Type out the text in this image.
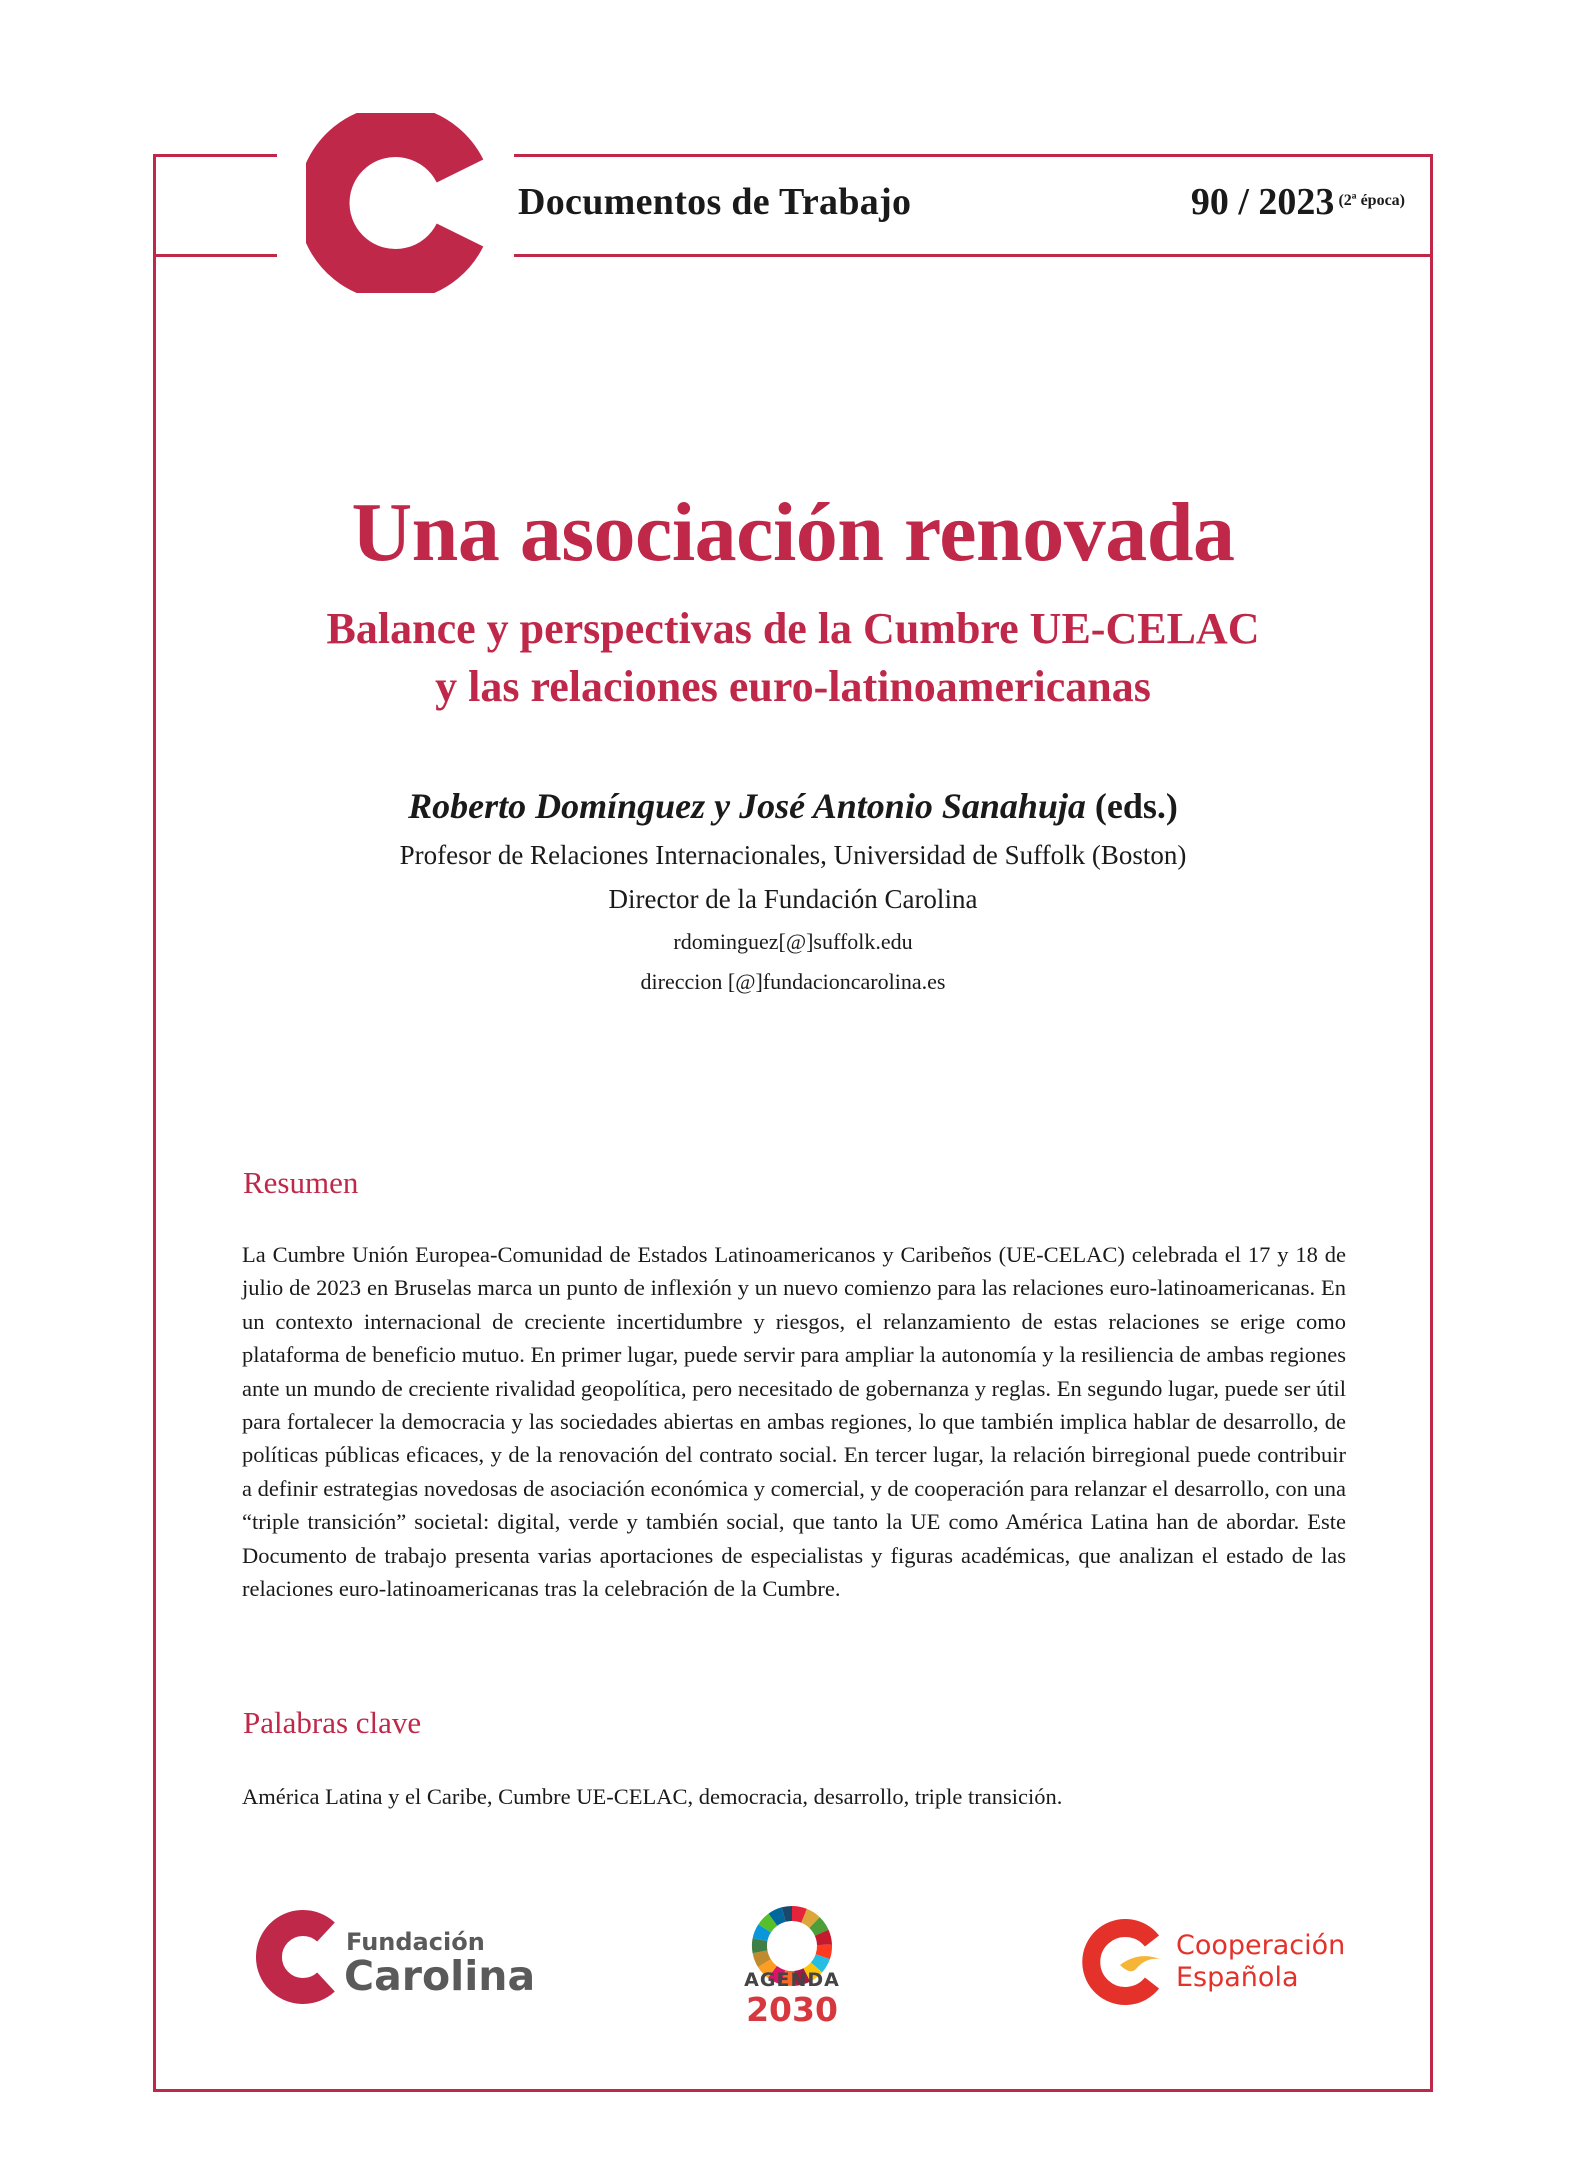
Documentos de Trabajo	90 / 2023 $^{(2ª época)}$
Una asociación renovada
Balance y perspectivas de la Cumbre UE-CELAC
y las relaciones euro-latinoamericanas
Roberto Domínguez y José Antonio Sanahuja (eds.)
Profesor de Relaciones Internacionales, Universidad de Suffolk (Boston)
Director de la Fundación Carolina
rdominguez[@]suffolk.edu
direccion [@]fundacioncarolina.es
Resumen
La Cumbre Unión Europea-Comunidad de Estados Latinoamericanos y Caribeños (UE-CELAC) celebrada el 17 y 18 de julio de 2023 en Bruselas marca un punto de inflexión y un nuevo comienzo para las relaciones euro-latinoamericanas. En un contexto internacional de creciente incertidumbre y riesgos, el relanzamiento de estas relaciones se erige como plataforma de beneficio mutuo. En primer lugar, puede servir para ampliar la autonomía y la resiliencia de ambas regiones ante un mundo de creciente rivalidad geopolítica, pero necesitado de gobernanza y reglas. En segundo lugar, puede ser útil para fortalecer la democracia y las sociedades abiertas en ambas regiones, lo que también implica hablar de desarrollo, de políticas públicas eficaces, y de la renovación del contrato social. En tercer lugar, la relación birregional puede contribuir a definir estrategias novedosas de asociación económica y comercial, y de cooperación para relanzar el desarrollo, con una “triple transición” societal: digital, verde y también social, que tanto la UE como América Latina han de abordar. Este Documento de trabajo presenta varias aportaciones de especialistas y figuras académicas, que analizan el estado de las relaciones euro-latinoamericanas tras la celebración de la Cumbre.
Palabras clave
América Latina y el Caribe, Cumbre UE-CELAC, democracia, desarrollo, triple transición.
Fundación
Carolina	AGENDA
2030
Cooperación
Española
